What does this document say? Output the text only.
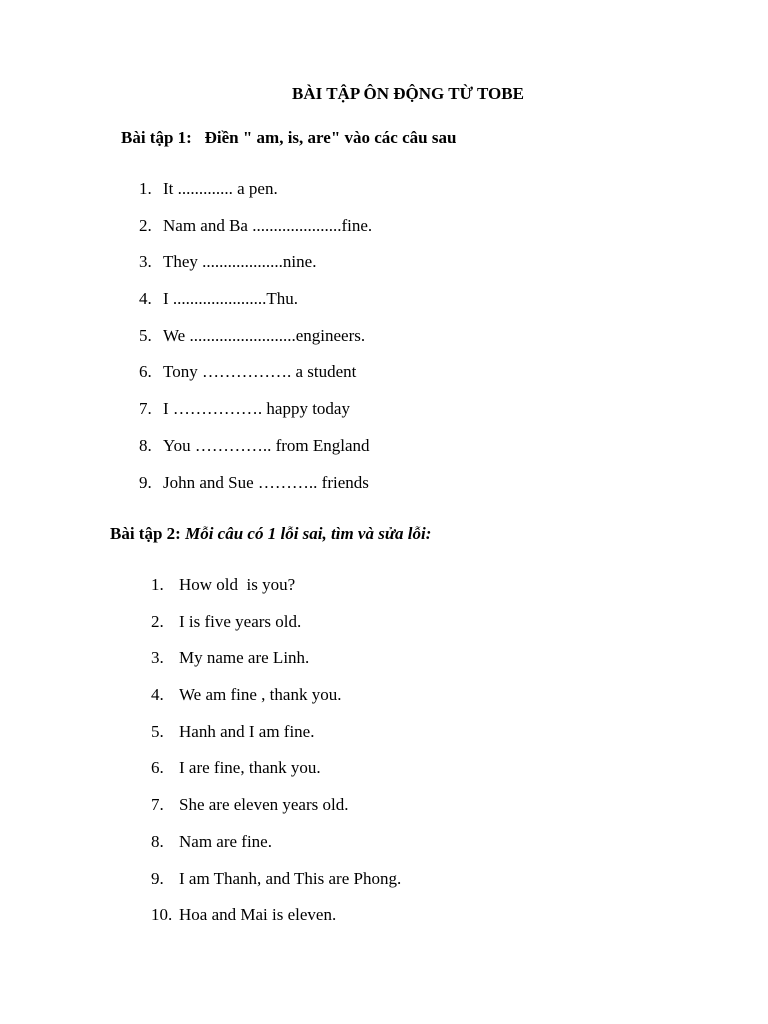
BÀI TẬP ÔN ĐỘNG TỪ TOBE
Bài tập 1: Điền " am, is, are" vào các câu sau
1. It ............. a pen.
2. Nam and Ba .....................fine.
3. They ...................nine.
4. I ......................Thu.
5. We .........................engineers.
6. Tony ……………. a student
7. I ……………. happy today
8. You ………….. from England
9. John and Sue ……….. friends
Bài tập 2: Mỗi câu có 1 lỗi sai, tìm và sửa lỗi:
1. How old  is you?
2. I is five years old.
3. My name are Linh.
4. We am fine , thank you.
5. Hanh and I am fine.
6. I are fine, thank you.
7. She are eleven years old.
8. Nam are fine.
9. I am Thanh, and This are Phong.
10. Hoa and Mai is eleven.
